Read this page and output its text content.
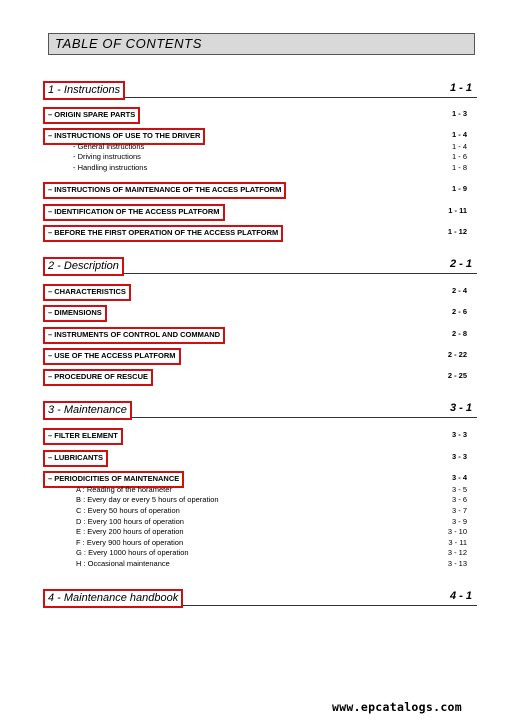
TABLE OF CONTENTS
1 - Instructions	1 - 1
– ORIGIN SPARE PARTS	1 - 3
– INSTRUCTIONS OF USE TO THE DRIVER	1 - 4
- General instructions	1 - 4
- Driving instructions	1 - 6
- Handling instructions	1 - 8
– INSTRUCTIONS OF MAINTENANCE OF THE ACCES PLATFORM	1 - 9
– IDENTIFICATION OF THE ACCESS PLATFORM	1 - 11
– BEFORE THE FIRST OPERATION OF THE ACCESS PLATFORM	1 - 12
2 - Description	2 - 1
– CHARACTERISTICS	2 - 4
– DIMENSIONS	2 - 6
– INSTRUMENTS OF CONTROL AND COMMAND	2 - 8
– USE OF THE ACCESS PLATFORM	2 - 22
– PROCEDURE OF RESCUE	2 - 25
3 - Maintenance	3 - 1
– FILTER ELEMENT	3 - 3
– LUBRICANTS	3 - 3
– PERIODICITIES OF MAINTENANCE	3 - 4
A : Reading of the horameter	3 - 5
B : Every day or every 5 hours of operation	3 - 6
C : Every 50 hours of operation	3 - 7
D : Every 100 hours of operation	3 - 9
E : Every 200 hours of operation	3 - 10
F : Every 900 hours of operation	3 - 11
G : Every 1000 hours of operation	3 - 12
H : Occasional maintenance	3 - 13
4 - Maintenance handbook	4 - 1
www.epcatalogs.com
